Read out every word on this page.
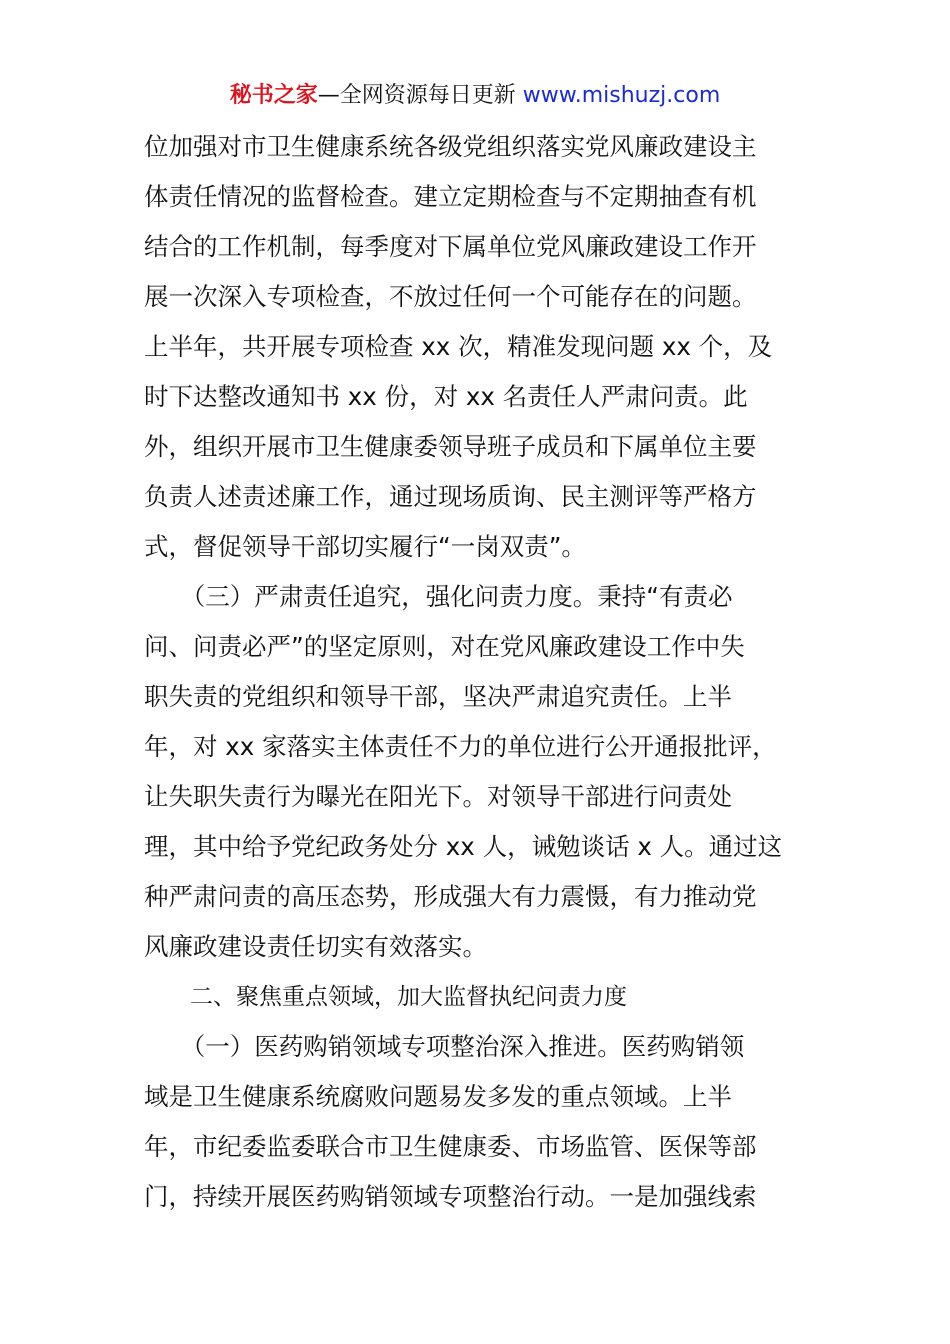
秘书之家—全网资源每日更新 www.mishuzj.com
位加强对市卫生健康系统各级党组织落实党风廉政建设主
体责任情况的监督检查。建立定期检查与不定期抽查有机
结合的工作机制，每季度对下属单位党风廉政建设工作开
展一次深入专项检查，不放过任何一个可能存在的问题。
上半年，共开展专项检查 xx 次，精准发现问题 xx 个，及
时下达整改通知书 xx 份，对 xx 名责任人严肃问责。此
外，组织开展市卫生健康委领导班子成员和下属单位主要
负责人述责述廉工作，通过现场质询、民主测评等严格方
式，督促领导干部切实履行“一岗双责”。
　　（三）严肃责任追究，强化问责力度。秉持“有责必
问、问责必严”的坚定原则，对在党风廉政建设工作中失
职失责的党组织和领导干部，坚决严肃追究责任。上半
年，对 xx 家落实主体责任不力的单位进行公开通报批评，
让失职失责行为曝光在阳光下。对领导干部进行问责处
理，其中给予党纪政务处分 xx 人，诫勉谈话 x 人。通过这
种严肃问责的高压态势，形成强大有力震慑，有力推动党
风廉政建设责任切实有效落实。
　　二、聚焦重点领域，加大监督执纪问责力度
　　（一）医药购销领域专项整治深入推进。医药购销领
域是卫生健康系统腐败问题易发多发的重点领域。上半
年，市纪委监委联合市卫生健康委、市场监管、医保等部
门，持续开展医药购销领域专项整治行动。一是加强线索
